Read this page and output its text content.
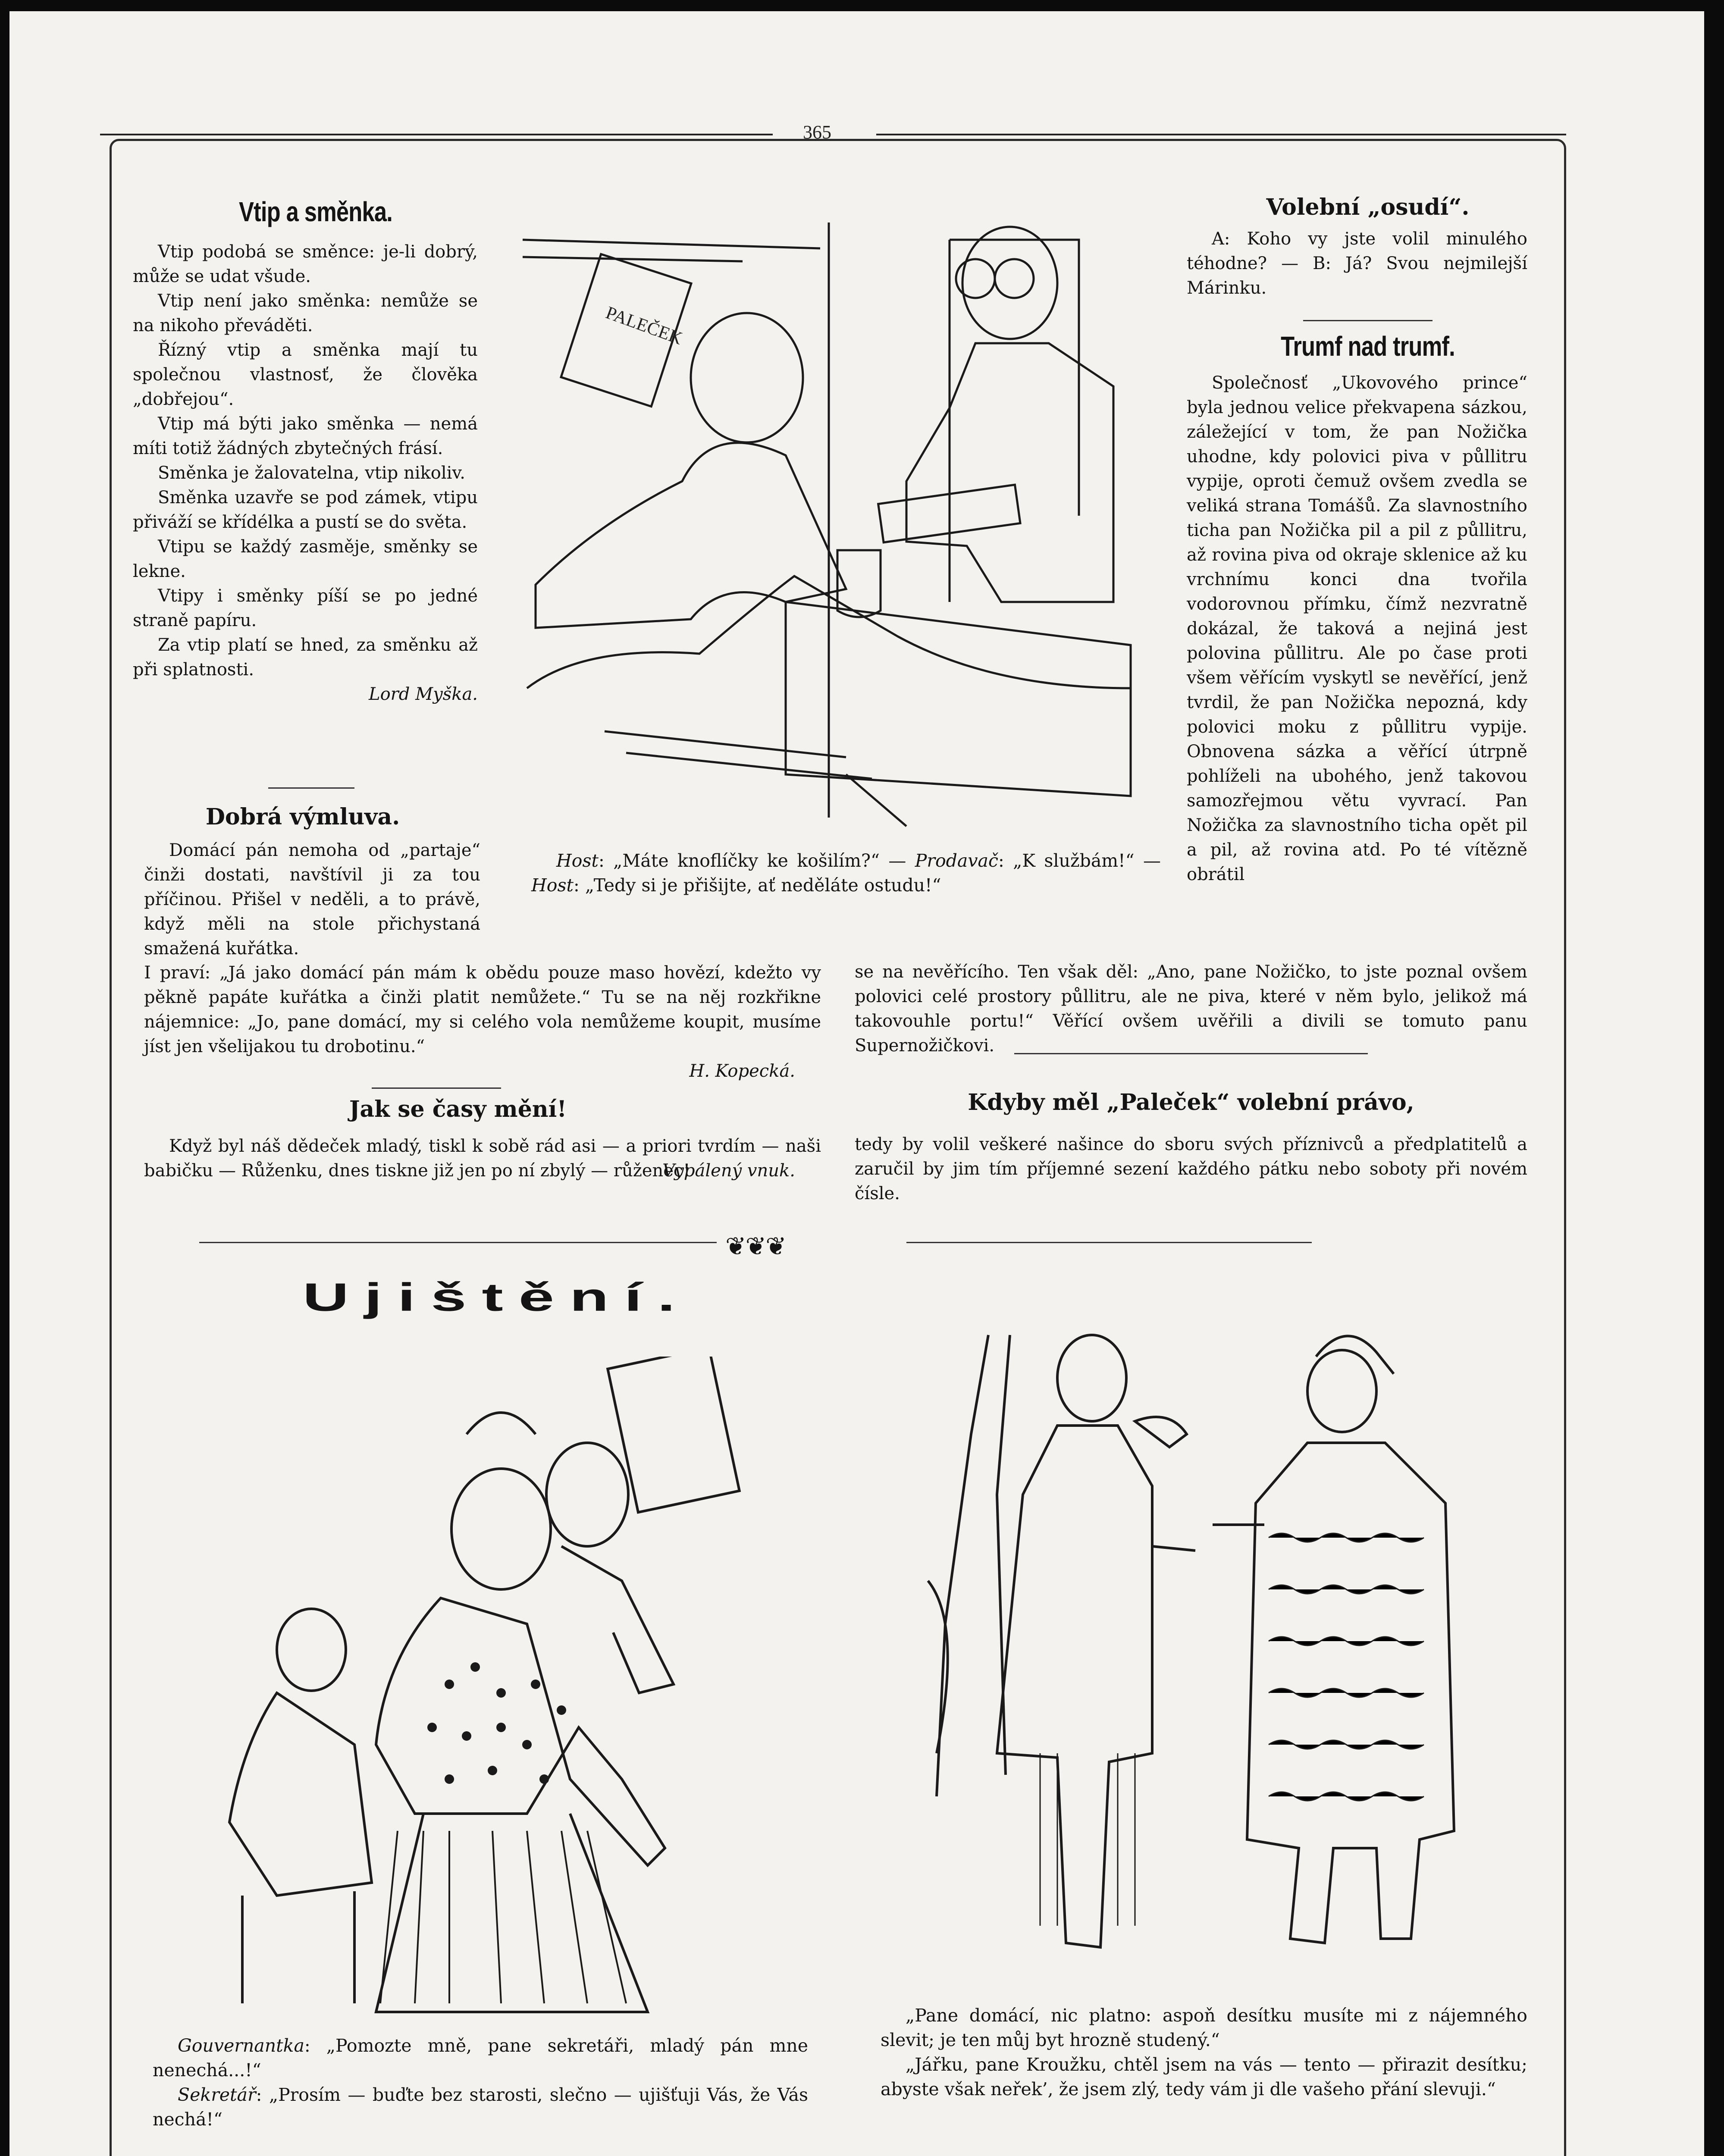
365
Vtip a směnka.

Vtip podobá se směnce: je-li dobrý, může se udat všude.

Vtip není jako směnka: nemůže se na nikoho převáděti.

Řízný vtip a směnka mají tu společnou vlastnosť, že člověka „dobřejou“.

Vtip má býti jako směnka — nemá míti totiž žádných zbytečných frásí.

Směnka je žalovatelna, vtip nikoliv.

Směnka uzavře se pod zámek, vtipu přiváží se křídélka a pustí se do světa.

Vtipu se každý zasměje, směnky se lekne.

Vtipy i směnky píší se po jedné straně papíru.

Za vtip platí se hned, za směnku až při splatnosti.

Lord Myška.
Dobrá výmluva.

Domácí pán nemoha od „partaje“ činži dostati, navštívil ji za tou příčinou. Přišel v neděli, a to právě, když měli na stole přichystaná smažená kuřátka.

I praví: „Já jako domácí pán mám k obědu pouze maso hovězí, kdežto vy pěkně papáte kuřátka a činži platit nemůžete.“ Tu se na něj rozkřikne nájemnice: „Jo, pane domácí, my si celého vola nemůžeme koupit, musíme jíst jen všelijakou tu drobotinu.“

H. Kopecká.
Jak se časy mění!

Když byl náš dědeček mladý, tiskl k sobě rád asi — a priori tvrdím — naši babičku — Růženku, dnes tiskne již jen po ní zbylý — růženec!

Vypálený vnuk.
PALEČEK

Host: „Máte knoflíčky ke košilím?“ — Prodavač: „K službám!“ — Host: „Tedy si je přišijte, ať neděláte ostudu!“

Volební „osudí“.

A: Koho vy jste volil minulého téhodne? — B: Já? Svou nejmilejší Márinku.

Trumf nad trumf.

Společnosť „Ukovového prince“ byla jednou velice překvapena sázkou, záležející v tom, že pan Nožička uhodne, kdy polovici piva v půllitru vypije, oproti čemuž ovšem zvedla se veliká strana Tomášů. Za slavnostního ticha pan Nožička pil a pil z půllitru, až rovina piva od okraje sklenice až ku vrchnímu konci dna tvořila vodorovnou přímku, čímž nezvratně dokázal, že taková a nejiná jest polovina půllitru. Ale po čase proti všem věřícím vyskytl se nevěřící, jenž tvrdil, že pan Nožička nepozná, kdy polovici moku z půllitru vypije. Obnovena sázka a věřící útrpně pohlíželi na ubohého, jenž takovou samozřejmou větu vyvrací. Pan Nožička za slavnostního ticha opět pil a pil, až rovina atd. Po té vítězně obrátil

se na nevěřícího. Ten však děl: „Ano, pane Nožičko, to jste poznal ovšem polovici celé prostory půllitru, ale ne piva, které v něm bylo, jelikož má takovouhle portu!“ Věřící ovšem uvěřili a divili se tomuto panu Supernožičkovi.

Kdyby měl „Paleček“ volební právo,

tedy by volil veškeré našince do sboru svých příznivců a předplatitelů a zaručil by jim tím příjemné sezení každého pátku nebo soboty při novém čísle.

❦❦❦
Ujištění.

Gouvernantka: „Pomozte mně, pane sekretáři, mladý pán mne nenechá...!“

Sekretář: „Prosím — buďte bez starosti, slečno — ujišťuji Vás, že Vás nechá!“

„Pane domácí, nic platno: aspoň desítku musíte mi z nájemného slevit; je ten můj byt hrozně studený.“

„Jářku, pane Kroužku, chtěl jsem na vás — tento — přirazit desítku; abyste však neřek’, že jsem zlý, tedy vám ji dle vašeho přání slevuji.“
